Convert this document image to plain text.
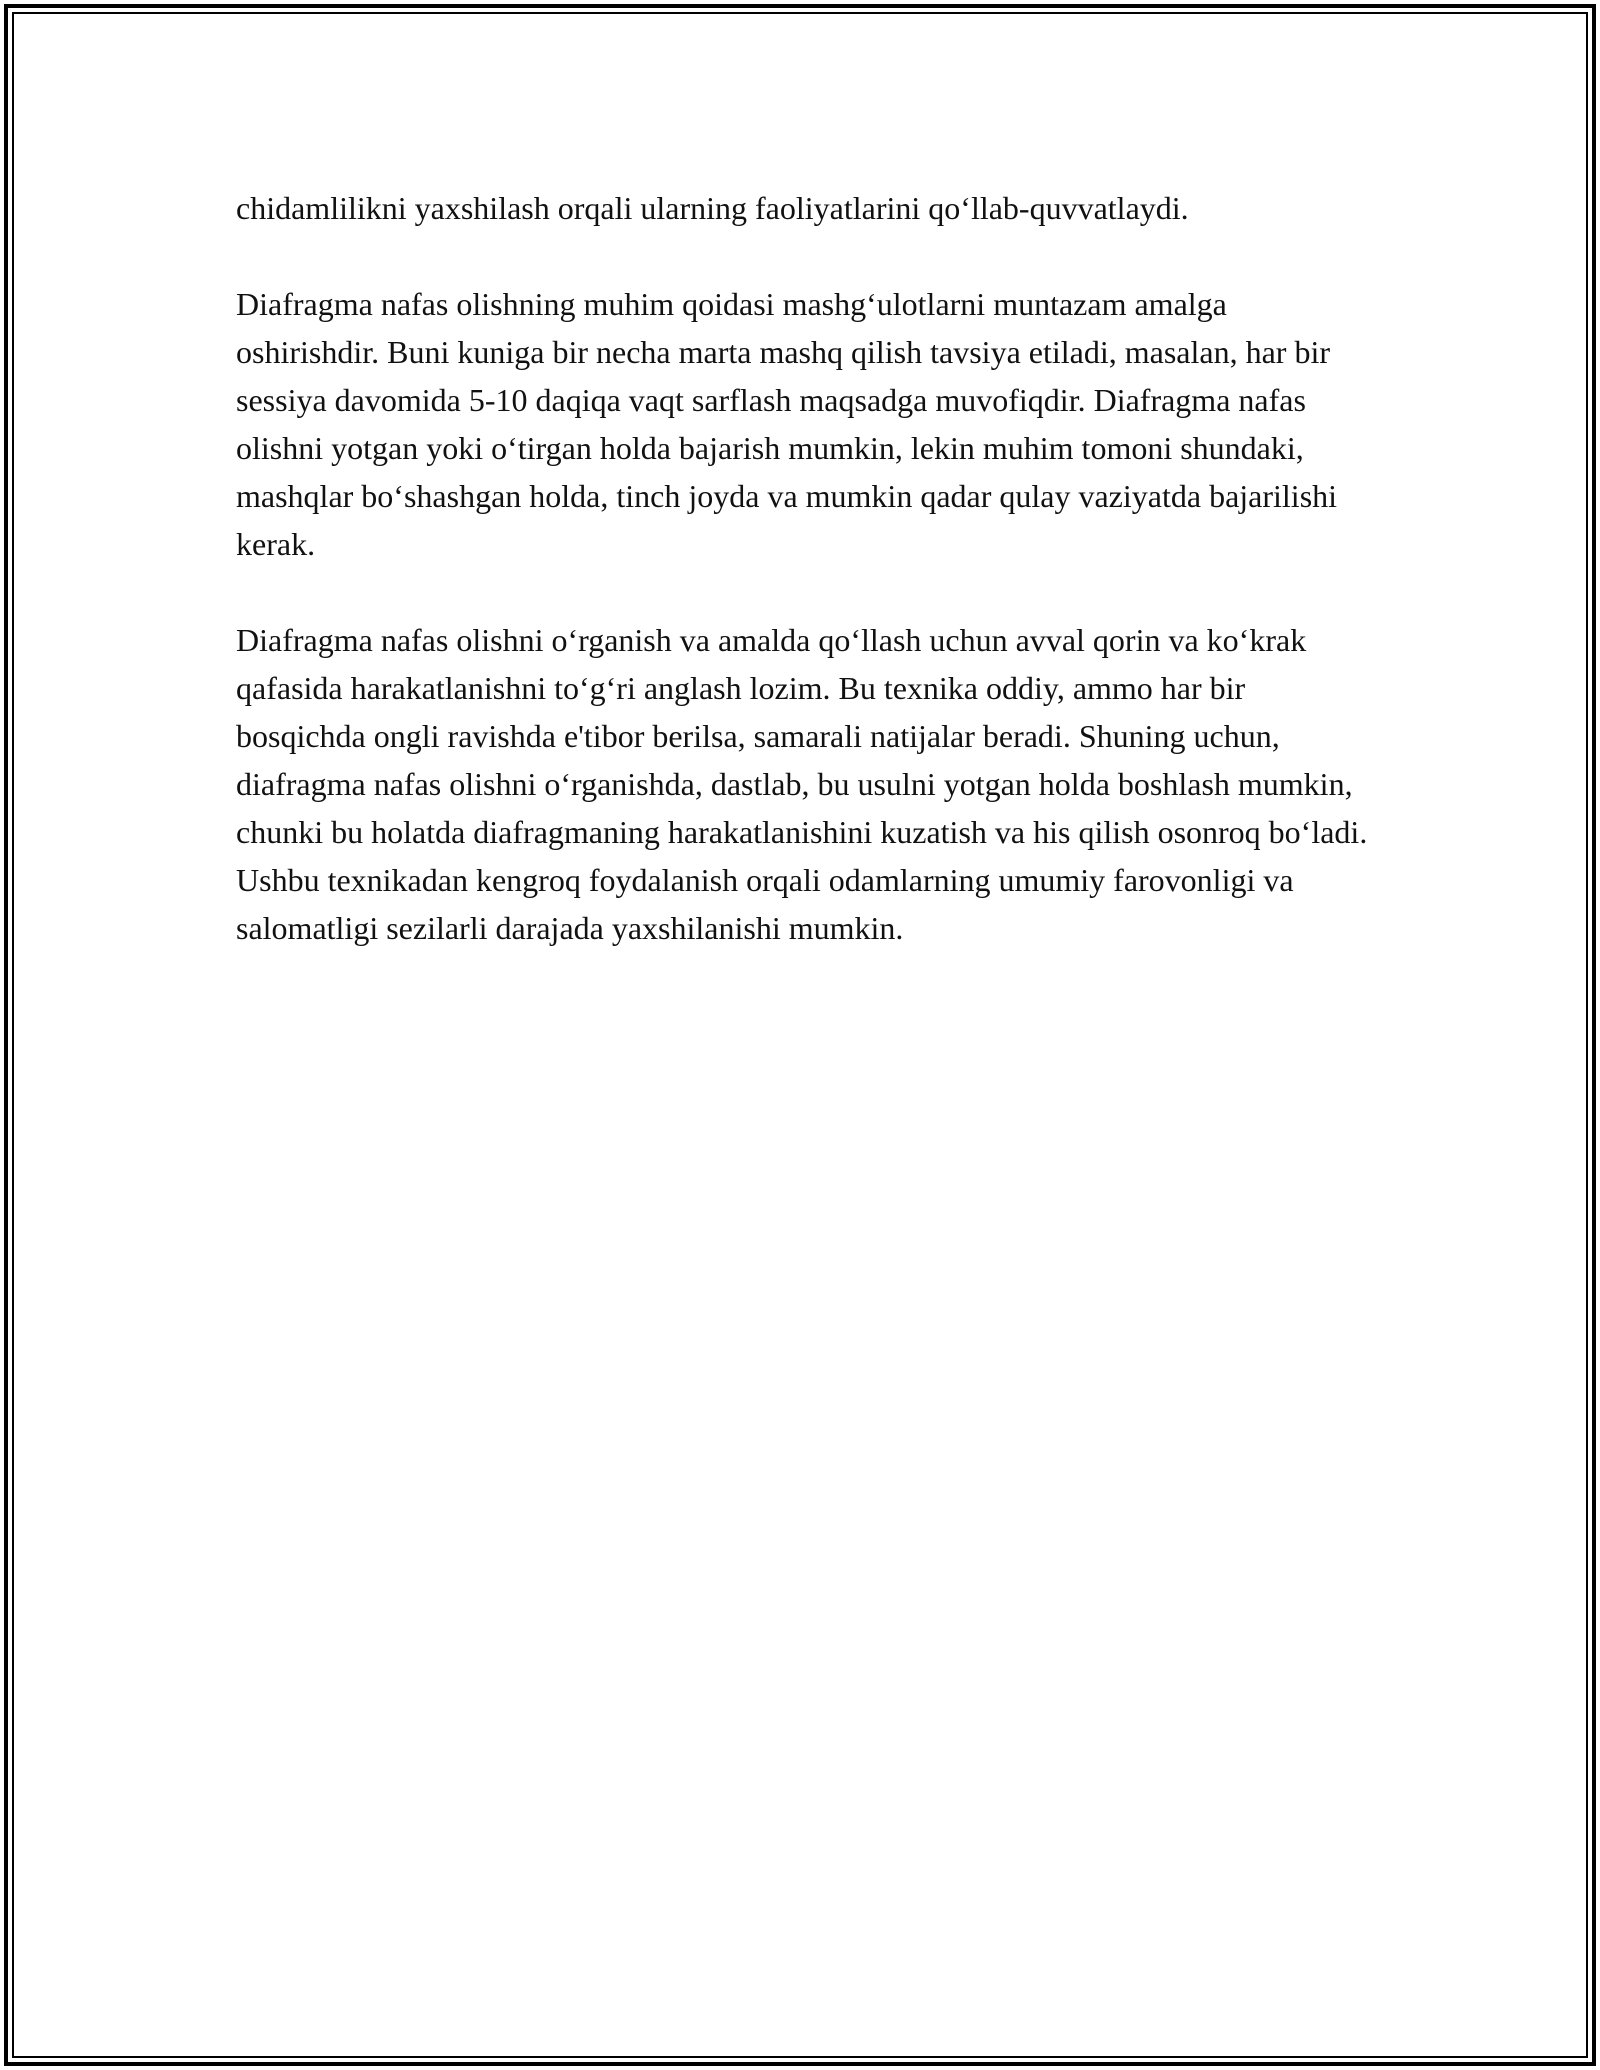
chidamlilikni yaxshilash orqali ularning faoliyatlarini qo‘llab-quvvatlaydi.

Diafragma nafas olishning muhim qoidasi mashg‘ulotlarni muntazam amalga oshirishdir. Buni kuniga bir necha marta mashq qilish tavsiya etiladi, masalan, har bir sessiya davomida 5-10 daqiqa vaqt sarflash maqsadga muvofiqdir. Diafragma nafas olishni yotgan yoki o‘tirgan holda bajarish mumkin, lekin muhim tomoni shundaki, mashqlar bo‘shashgan holda, tinch joyda va mumkin qadar qulay vaziyatda bajarilishi kerak.

Diafragma nafas olishni o‘rganish va amalda qo‘llash uchun avval qorin va ko‘krak qafasida harakatlanishni to‘g‘ri anglash lozim. Bu texnika oddiy, ammo har bir bosqichda ongli ravishda e'tibor berilsa, samarali natijalar beradi. Shuning uchun, diafragma nafas olishni o‘rganishda, dastlab, bu usulni yotgan holda boshlash mumkin, chunki bu holatda diafragmaning harakatlanishini kuzatish va his qilish osonroq bo‘ladi. Ushbu texnikadan kengroq foydalanish orqali odamlarning umumiy farovonligi va salomatligi sezilarli darajada yaxshilanishi mumkin.
